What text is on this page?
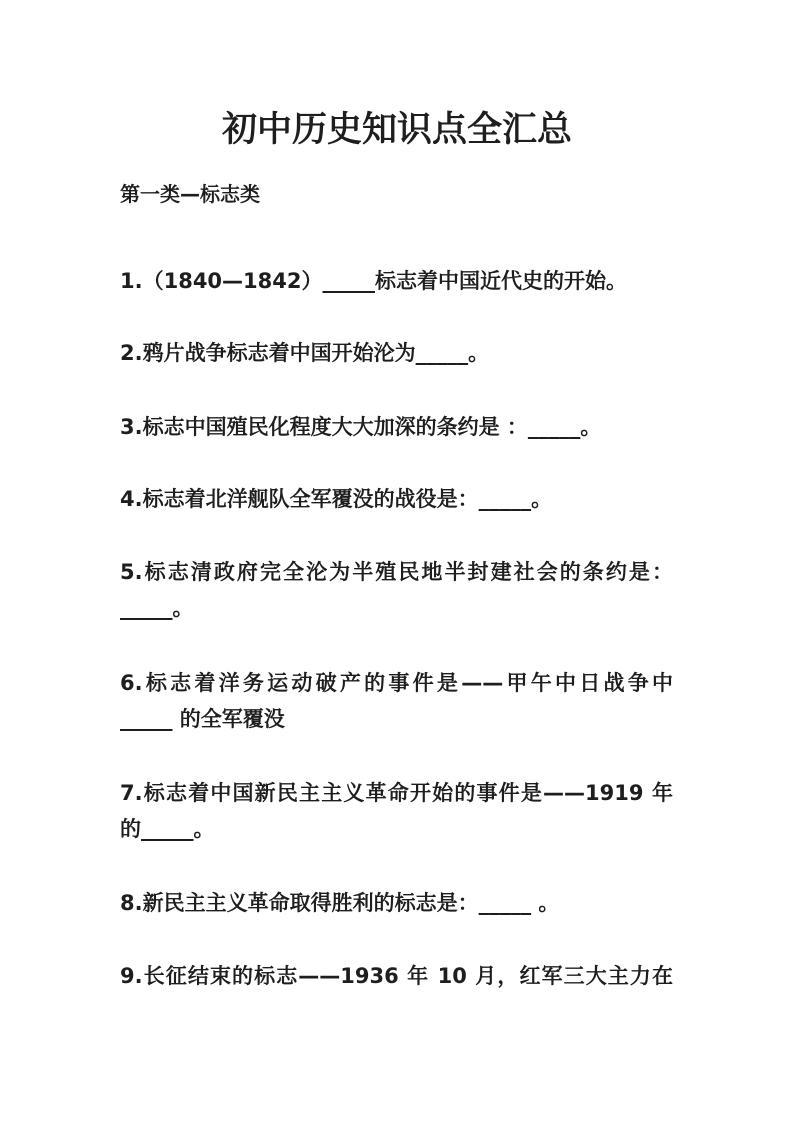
初中历史知识点全汇总
第一类—标志类
1.（1840—1842）_____标志着中国近代史的开始。
2.鸦片战争标志着中国开始沦为_____。
3.标志中国殖民化程度大大加深的条约是 ：_____。
4.标志着北洋舰队全军覆没的战役是：_____。
5.标志清政府完全沦为半殖民地半封建社会的条约是：
_____。
6.标志着洋务运动破产的事件是——甲午中日战争中
_____ 的全军覆没
7.标志着中国新民主主义革命开始的事件是——1919 年
的_____。
8.新民主主义革命取得胜利的标志是：_____ 。
9.长征结束的标志——1936 年 10 月，红军三大主力在
